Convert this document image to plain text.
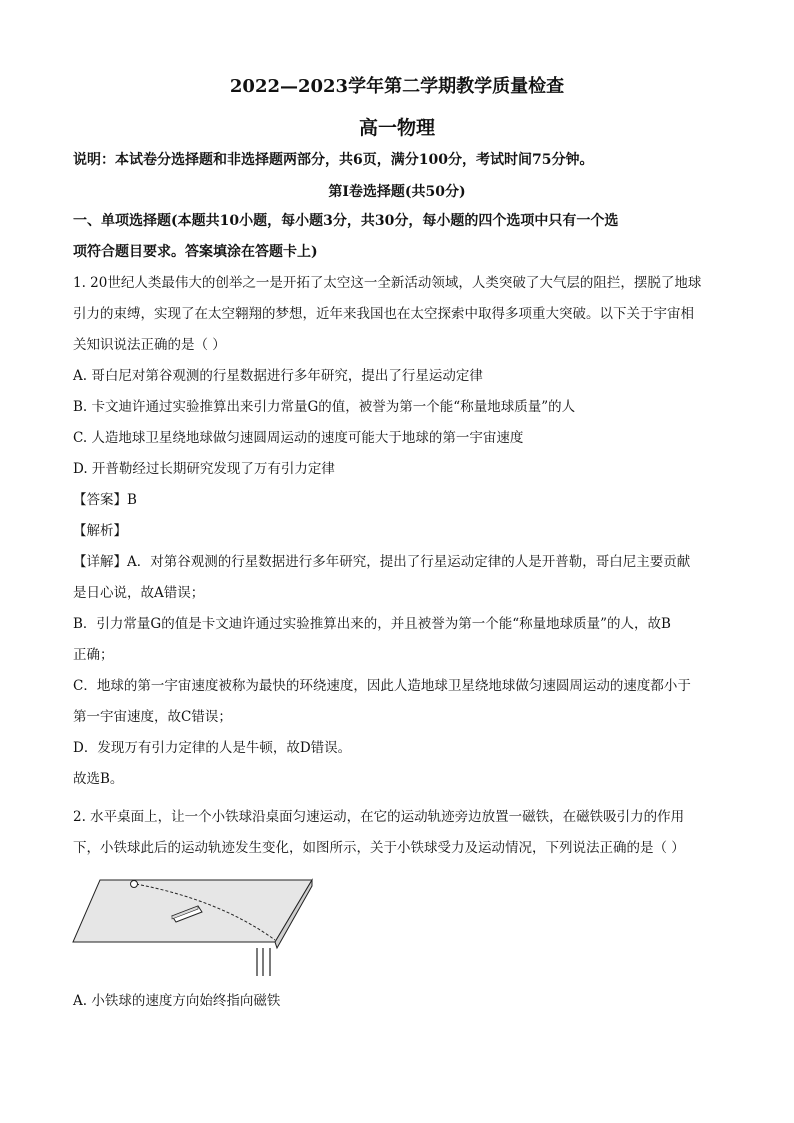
2022—2023学年第二学期教学质量检查
高一物理
说明：本试卷分选择题和非选择题两部分，共6页，满分100分，考试时间75分钟。
第Ⅰ卷选择题(共50分)
一、单项选择题(本题共10小题，每小题3分，共30分，每小题的四个选项中只有一个选
项符合题目要求。答案填涂在答题卡上)
1. 20世纪人类最伟大的创举之一是开拓了太空这一全新活动领域，人类突破了大气层的阻拦，摆脱了地球
引力的束缚，实现了在太空翱翔的梦想，近年来我国也在太空探索中取得多项重大突破。以下关于宇宙相
关知识说法正确的是（ ）
A. 哥白尼对第谷观测的行星数据进行多年研究，提出了行星运动定律
B. 卡文迪许通过实验推算出来引力常量G的值，被誉为第一个能“称量地球质量”的人
C. 人造地球卫星绕地球做匀速圆周运动的速度可能大于地球的第一宇宙速度
D. 开普勒经过长期研究发现了万有引力定律
【答案】B
【解析】
【详解】A．对第谷观测的行星数据进行多年研究，提出了行星运动定律的人是开普勒，哥白尼主要贡献
是日心说，故A错误；
B．引力常量G的值是卡文迪许通过实验推算出来的，并且被誉为第一个能“称量地球质量”的人，故B
正确；
C．地球的第一宇宙速度被称为最快的环绕速度，因此人造地球卫星绕地球做匀速圆周运动的速度都小于
第一宇宙速度，故C错误；
D．发现万有引力定律的人是牛顿，故D错误。
故选B。
2. 水平桌面上，让一个小铁球沿桌面匀速运动，在它的运动轨迹旁边放置一磁铁，在磁铁吸引力的作用
下，小铁球此后的运动轨迹发生变化，如图所示，关于小铁球受力及运动情况，下列说法正确的是（ ）
A. 小铁球的速度方向始终指向磁铁
